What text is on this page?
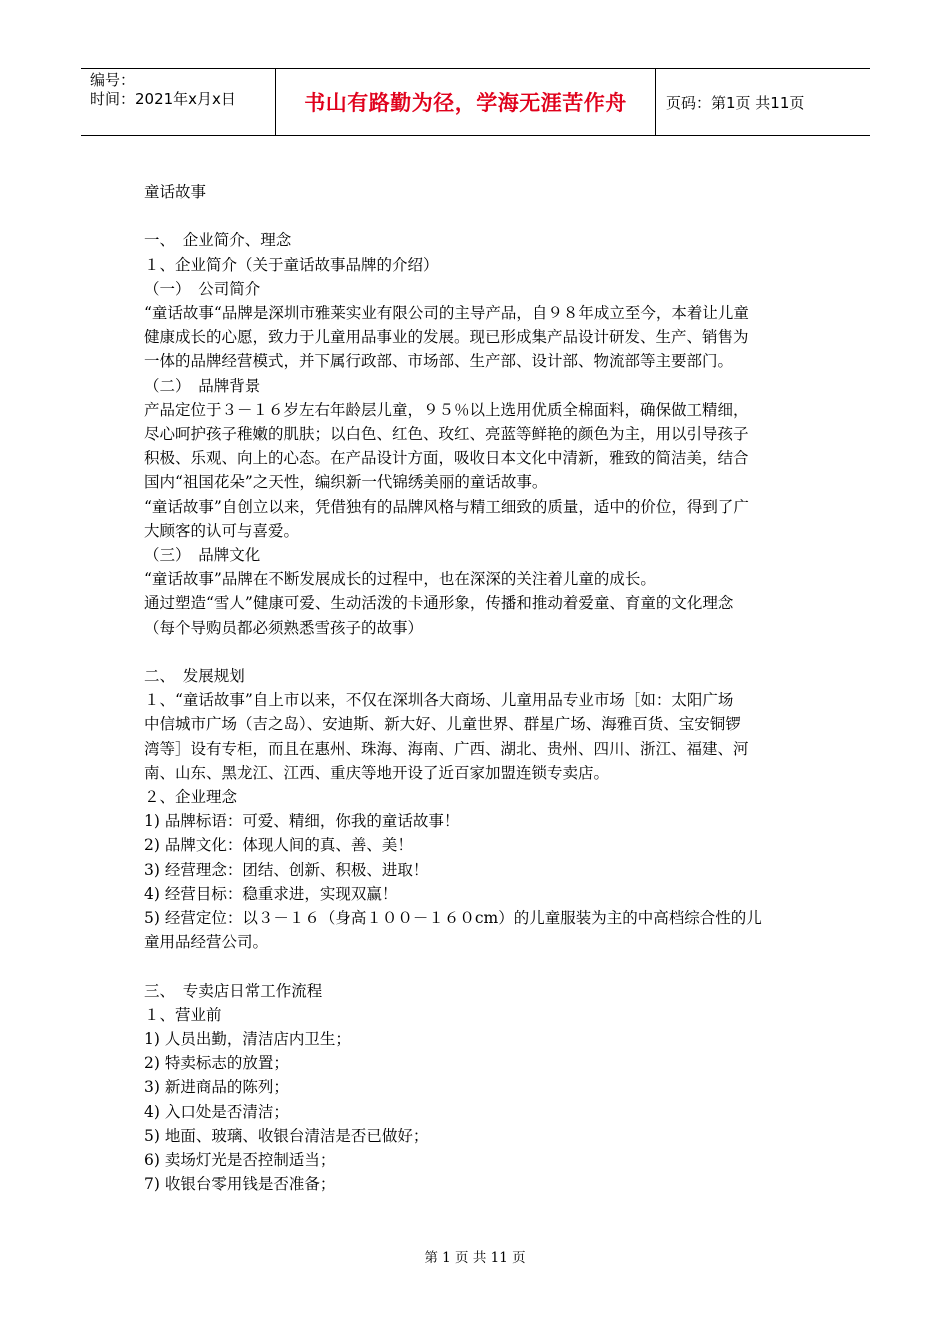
编号：
时间：2021年x月x日	书山有路勤为径，学海无涯苦作舟	页码：第1页 共11页

童话故事

一、　企业简介、理念

１、企业简介（关于童话故事品牌的介绍）

（一）　公司简介

“童话故事“品牌是深圳市雅莱实业有限公司的主导产品，自９８年成立至今，本着让儿童

健康成长的心愿，致力于儿童用品事业的发展。现已形成集产品设计研发、生产、销售为

一体的品牌经营模式，并下属行政部、市场部、生产部、设计部、物流部等主要部门。

（二）　品牌背景

产品定位于３－１６岁左右年龄层儿童，９５％以上选用优质全棉面料，确保做工精细，

尽心呵护孩子稚嫩的肌肤；以白色、红色、玫红、亮蓝等鲜艳的颜色为主，用以引导孩子

积极、乐观、向上的心态。在产品设计方面，吸收日本文化中清新，雅致的简洁美，结合

国内“祖国花朵”之天性，编织新一代锦绣美丽的童话故事。

“童话故事”自创立以来，凭借独有的品牌风格与精工细致的质量，适中的价位，得到了广

大顾客的认可与喜爱。

（三）　品牌文化

“童话故事”品牌在不断发展成长的过程中，也在深深的关注着儿童的成长。

通过塑造“雪人”健康可爱、生动活泼的卡通形象，传播和推动着爱童、育童的文化理念

（每个导购员都必须熟悉雪孩子的故事）

二、　发展规划

１、“童话故事”自上市以来，不仅在深圳各大商场、儿童用品专业市场［如：太阳广场

中信城市广场（吉之岛）、安迪斯、新大好、儿童世界、群星广场、海雅百货、宝安铜锣

湾等］设有专柜，而且在惠州、珠海、海南、广西、湖北、贵州、四川、浙江、福建、河

南、山东、黑龙江、江西、重庆等地开设了近百家加盟连锁专卖店。

２、企业理念

1) 品牌标语：可爱、精细，你我的童话故事！

2) 品牌文化：体现人间的真、善、美！

3) 经营理念：团结、创新、积极、进取！

4) 经营目标：稳重求进，实现双赢！

5) 经营定位：以３－１６（身高１００－１６０cm）的儿童服装为主的中高档综合性的儿

童用品经营公司。

三、　专卖店日常工作流程

１、营业前

1) 人员出勤，清洁店内卫生；

2) 特卖标志的放置；

3) 新进商品的陈列；

4) 入口处是否清洁；

5) 地面、玻璃、收银台清洁是否已做好；

6) 卖场灯光是否控制适当；

7) 收银台零用钱是否准备；

第 1 页 共 11 页
